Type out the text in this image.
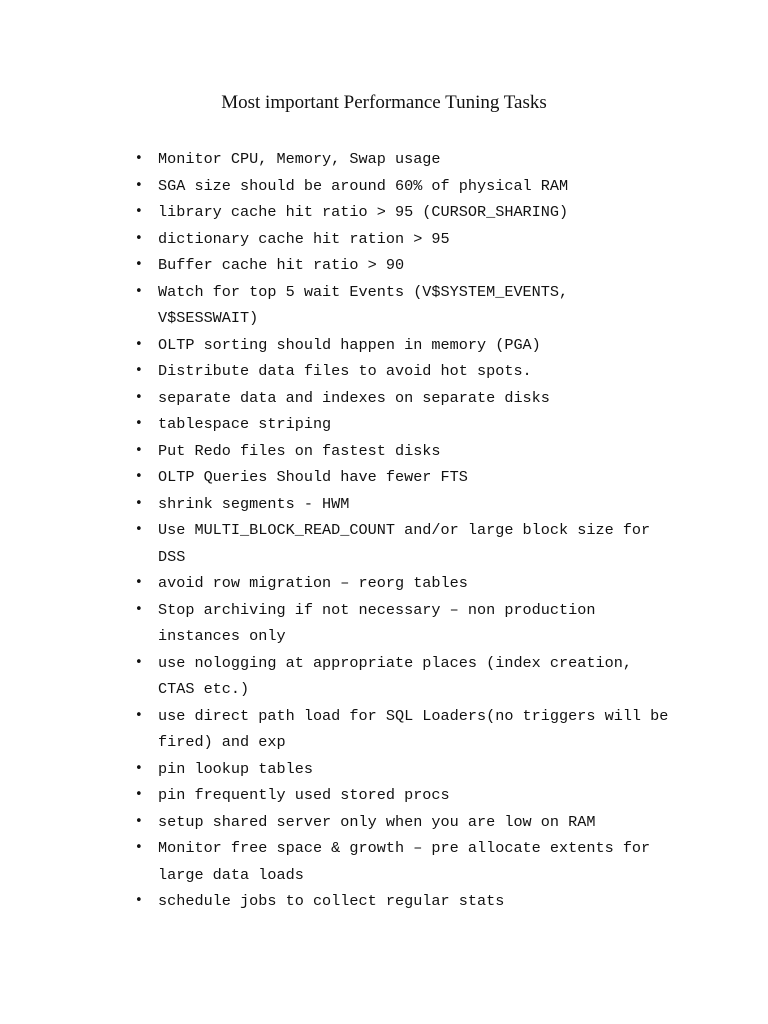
Most important Performance Tuning Tasks
• Monitor CPU, Memory, Swap usage
• SGA size should be around 60% of physical RAM
• library cache hit ratio > 95 (CURSOR_SHARING)
• dictionary cache hit ration > 95
• Buffer cache hit ratio > 90
• Watch for top 5 wait Events (V$SYSTEM_EVENTS, V$SESSWAIT)
• OLTP sorting should happen in memory (PGA)
• Distribute data files to avoid hot spots.
• separate data and indexes on separate disks
• tablespace striping
• Put Redo files on fastest disks
• OLTP Queries Should have fewer FTS
• shrink segments - HWM
• Use MULTI_BLOCK_READ_COUNT and/or large block size for DSS
• avoid row migration – reorg tables
• Stop archiving if not necessary – non production instances only
• use nologging at appropriate places (index creation, CTAS etc.)
• use direct path load for SQL Loaders(no triggers will be fired) and exp
• pin lookup tables
• pin frequently used stored procs
• setup shared server only when you are low on RAM
• Monitor free space & growth – pre allocate extents for large data loads
• schedule jobs to collect regular stats
